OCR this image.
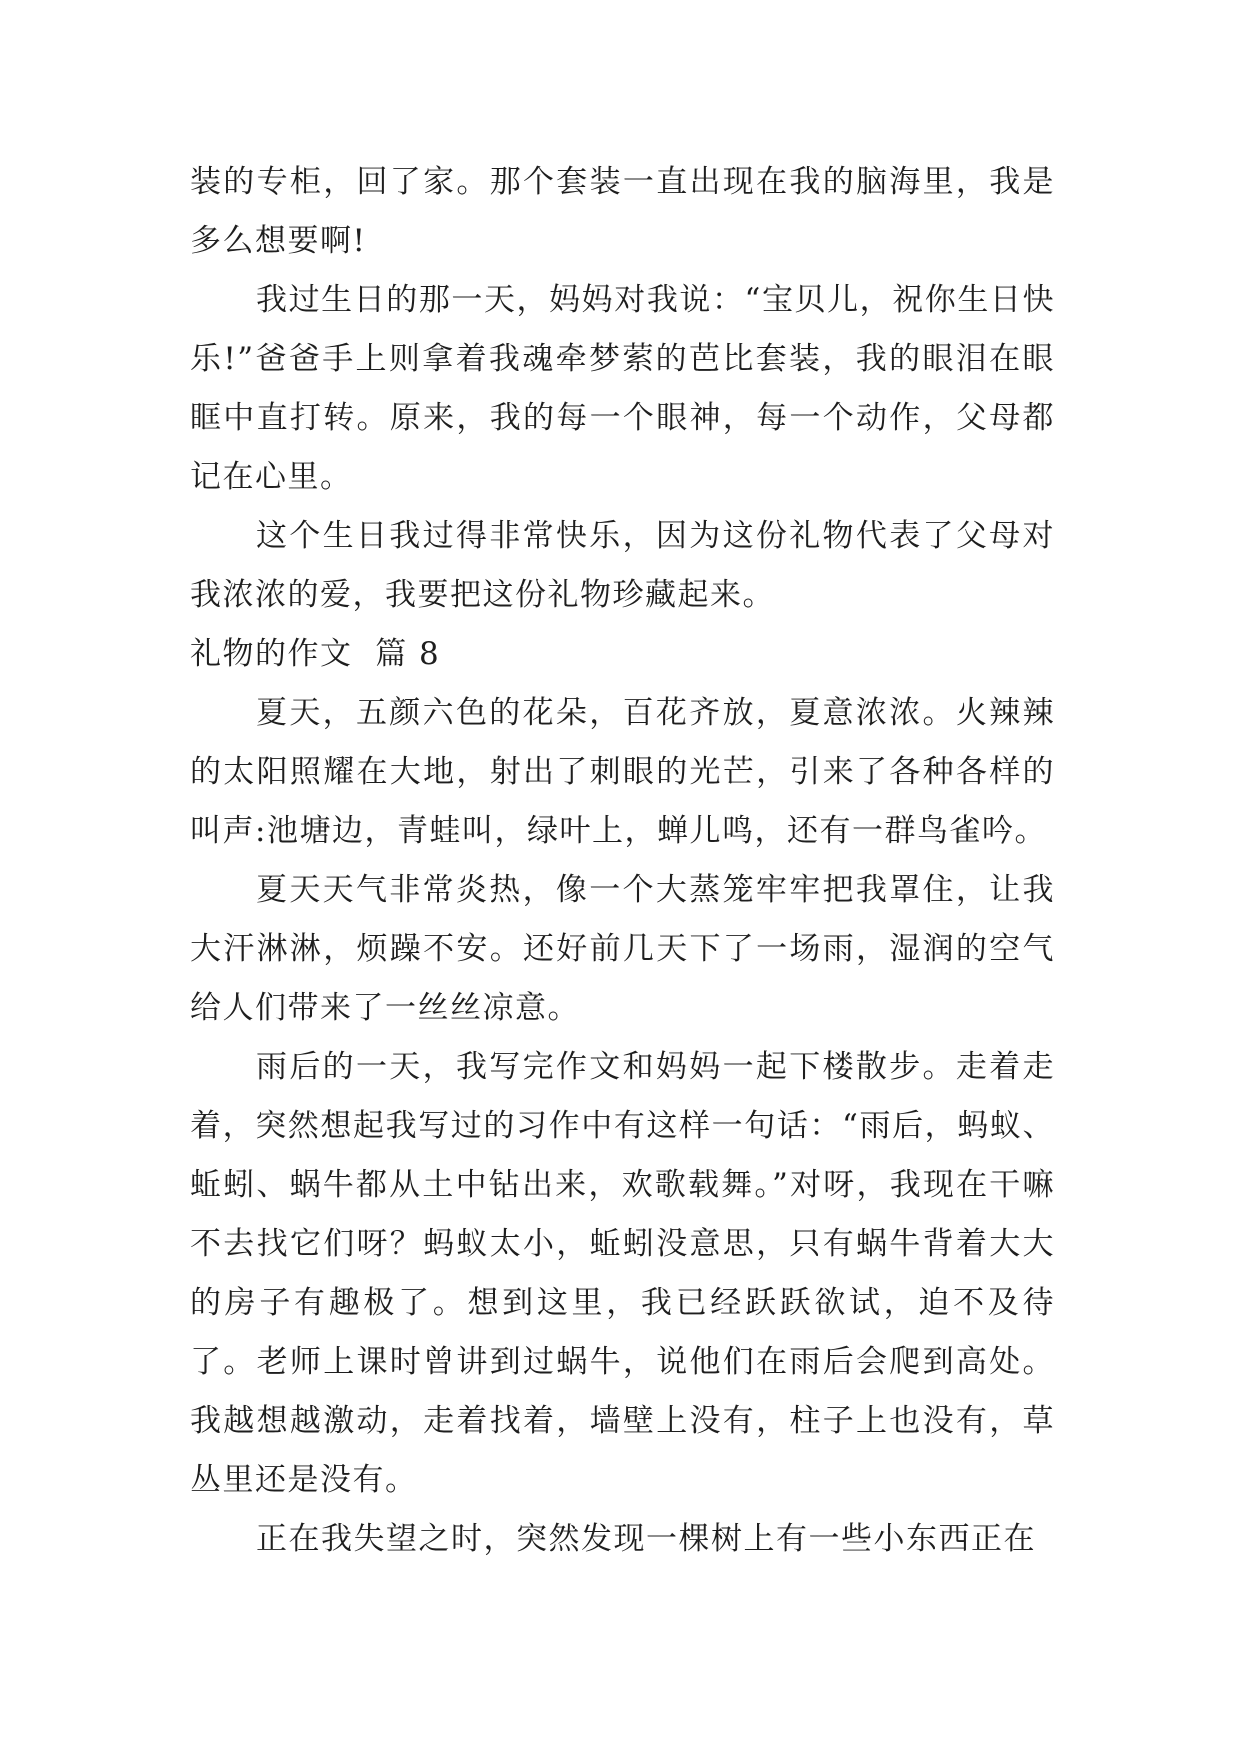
装的专柜，回了家。那个套装一直出现在我的脑海里，我是多么想要啊!

我过生日的那一天，妈妈对我说：“宝贝儿，祝你生日快乐!”爸爸手上则拿着我魂牵梦萦的芭比套装，我的眼泪在眼眶中直打转。原来，我的每一个眼神，每一个动作，父母都记在心里。

这个生日我过得非常快乐，因为这份礼物代表了父母对我浓浓的爱，我要把这份礼物珍藏起来。

礼物的作文  篇 8

夏天，五颜六色的花朵，百花齐放，夏意浓浓。火辣辣的太阳照耀在大地，射出了刺眼的光芒，引来了各种各样的叫声:池塘边，青蛙叫，绿叶上，蝉儿鸣，还有一群鸟雀吟。

夏天天气非常炎热，像一个大蒸笼牢牢把我罩住，让我大汗淋淋，烦躁不安。还好前几天下了一场雨，湿润的空气给人们带来了一丝丝凉意。

雨后的一天，我写完作文和妈妈一起下楼散步。走着走着，突然想起我写过的习作中有这样一句话：“雨后，蚂蚁、蚯蚓、蜗牛都从土中钻出来，欢歌载舞。”对呀，我现在干嘛不去找它们呀？蚂蚁太小，蚯蚓没意思，只有蜗牛背着大大的房子有趣极了。想到这里，我已经跃跃欲试，迫不及待了。老师上课时曾讲到过蜗牛，说他们在雨后会爬到高处。我越想越激动，走着找着，墙壁上没有，柱子上也没有，草丛里还是没有。

正在我失望之时，突然发现一棵树上有一些小东西正在
